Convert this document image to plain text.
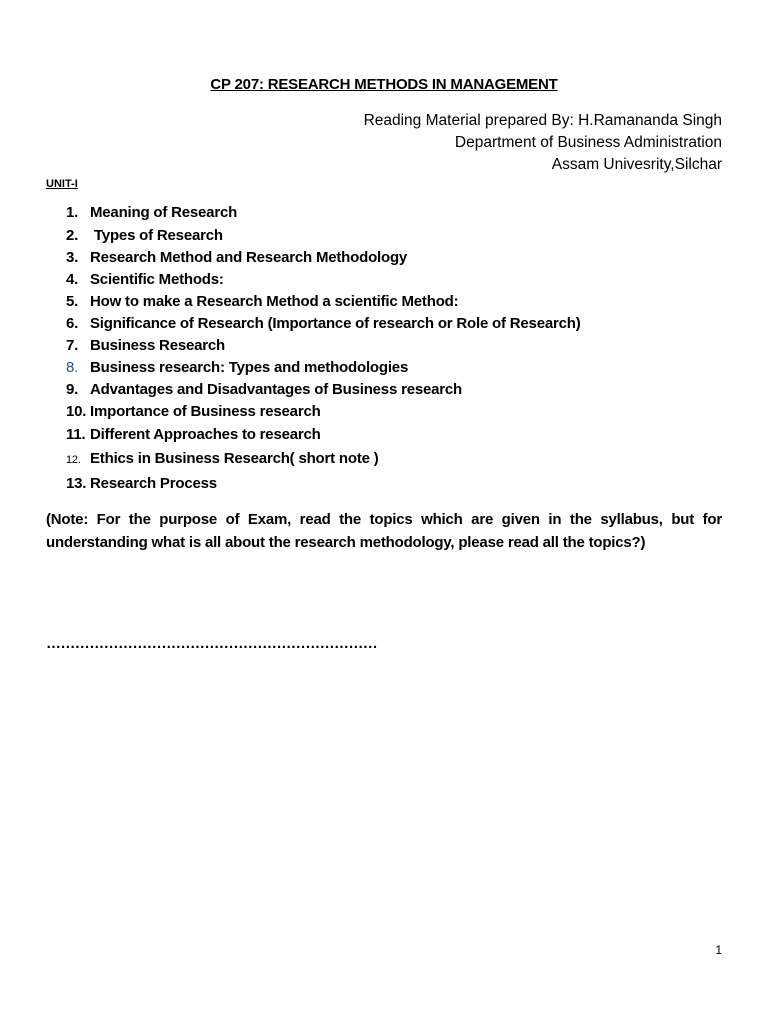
CP 207: RESEARCH METHODS IN MANAGEMENT
Reading Material prepared By: H.Ramananda Singh
Department of Business Administration
Assam Univesrity,Silchar
UNIT-I
1. Meaning of Research
2. Types of Research
3. Research Method and Research Methodology
4. Scientific Methods:
5. How to make a Research Method a scientific Method:
6. Significance of Research (Importance of research or Role of Research)
7. Business Research
8. Business research: Types and methodologies
9. Advantages and Disadvantages of Business research
10. Importance of Business research
11. Different Approaches to research
12. Ethics in Business Research( short note )
13. Research Process
(Note: For the purpose of Exam, read the topics which are given in the syllabus, but for understanding what is all about the research methodology, please read all the topics?)
……………………………………………………………
1
